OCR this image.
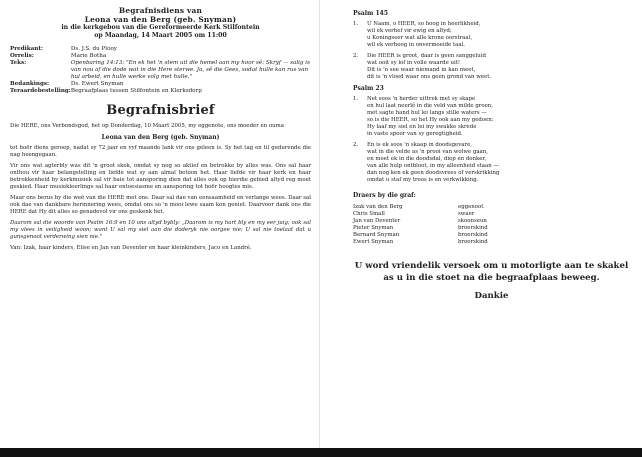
Begrafnisdiens van
Leona van den Berg (geb. Snyman)
in die kerkgebou van die Gereformeerde Kerk Stilfontein
op Maandag, 14 Maart 2005 om 11:00
Predikant:	Ds. J.S. du Plooy
Orrelis:	Marie Botha
Teks:	Openbaring 14:13: "En ek het 'n stem uit die hemel aan my hoor sê: Skryf — salig is van nou af die dode wat in die Here sterwe. Ja, sê die Gees, sodat hulle kan rus van hul arbeid, en hulle werke volg met hulle."
Bedankings:	Ds. Ewert Snyman
Teraardebestelling:	Begraafplaas tussen Stilfontein en Klerksdorp
Begrafnisbrief

Die HERE, ons Verbondsgod, het op Donderdag, 10 Maart 2005, my eggenote, ons moeder en ouma

Leona van den Berg (geb. Snyman)

tot hoër diens geroep, nadat sy 72 jaar en vyf maande lank vir ons geleen is. Sy het tag en til gedurende die nag heengegaan.

Vir ons wat agterbly was dit 'n groot skok, omdat sy nog so aktief en betrokke by alles was. Ons sal haar onthou vir haar belangstelling en liefde wat sy aan almal betoon het. Haar liefde vir haar kerk en haar betrokkenheid by kerkmusiek sal vir baie tot aansporing dien dat alles ook op hierdie gebied altyd reg moet geskied. Haar musiekleerlinge sal haar entoesiasme en aansporing tot hoër hoogtes mis.

Maar ons berus by die weë van die HERE met ons. Daar sal dae van eensaamheid en verlange wees. Daar sal ook dae van dankbare herinnering wees, omdat ons so 'n mooi lewe saam kon geniet. Daarvoor dank ons die HERE dat Hy dit alles so genadevol vir ons geskenk het.

Daarom sal die woorde van Psalm 16:9 en 10 ons altyd bybly: „Daarom is my hart bly en my eer juig; ook sal my vlees in veiligheid woon; want U sal my siel aan die doderyk nie oorgee nie; U sal nie toelaat dat u gunsgenoot verderwing sien nie."

Van: Izak, haar kinders, Elise en Jan van Deventer en haar kleinkinders, Jaco en Landré.

Psalm 145
1.	U Naam, o HEER, so hoog in heerlikheid,
wil ek verhef vir ewig en altyd;
u Koningseer wat alle krone oorstraal,
wil ek verhoog in onvermoeide taal.
2.	Die HEER is groot, daar is geen sanggeluid
wat ooit sy lof in volle waarde uit!
Dit is 'n see waar niemand in kan meet,
dit is 'n vloed waar ons geen grond van weet.
Psalm 23
1.	Net soos 'n herder uittrek met sy skape
en hul laat neerlê in die veld van milde groen,
met sagte hand hul lei langs stille waters —
so is die HEER, so het Hy ook aan my gedoen:
Hy laaf my siel en lei my swakke skrede
in vaste spoor van sy geregtigheid.
2.	En is ek soos 'n skaap in doodsgevare,
wat in die velde as 'n prooi van wolwe gaan,
en moet ek in die doodsdal, diep en donker,
van alle hulp ontbloot, in my alleenheid staan —
dan nog ken ek geen doodsvrees of verskrikking
omdat u staf my troos is en verkwikking.
Draers by die graf:
Izak van den Berg	eggenoot
Chris Small	swaer
Jan van Deventer	skoonseun
Pieter Snyman	broerskind
Bernard Snyman	broerskind
Ewert Snyman	broerskind
U word vriendelik versoek om u motorligte aan te skakel as u in die stoet na die begraafplaas beweeg.
Dankie
